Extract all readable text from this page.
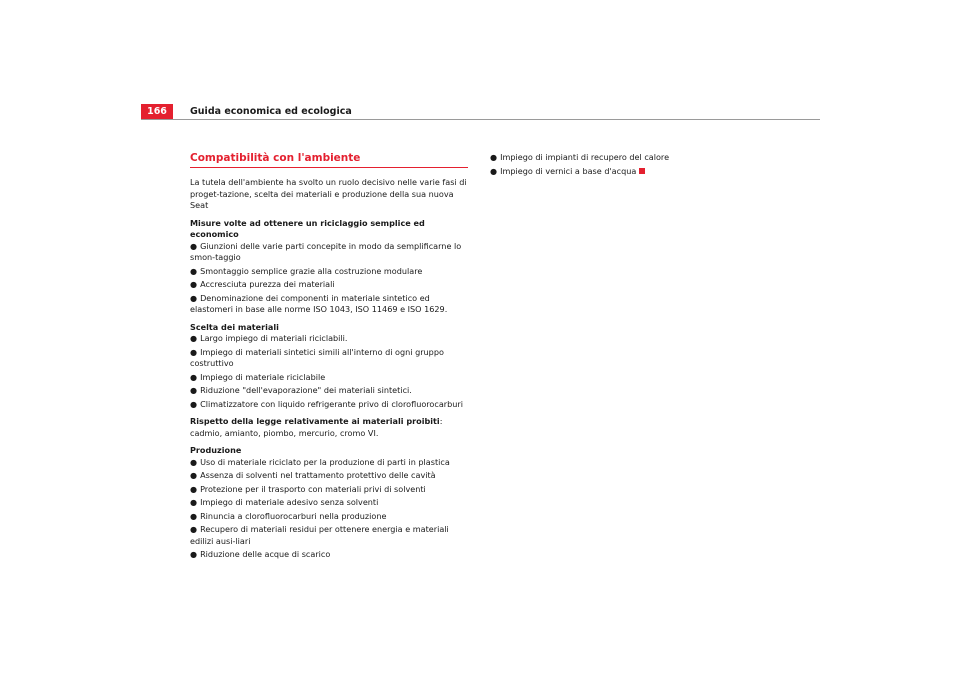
166	Guida economica ed ecologica
Compatibilità con l'ambiente

La tutela dell'ambiente ha svolto un ruolo decisivo nelle varie fasi di proget-tazione, scelta dei materiali e produzione della sua nuova Seat

Misure volte ad ottenere un riciclaggio semplice ed economico

● Giunzioni delle varie parti concepite in modo da semplificarne lo smon-taggio
● Smontaggio semplice grazie alla costruzione modulare
● Accresciuta purezza dei materiali
● Denominazione dei componenti in materiale sintetico ed elastomeri in base alle norme ISO 1043, ISO 11469 e ISO 1629.

Scelta dei materiali

● Largo impiego di materiali riciclabili.
● Impiego di materiali sintetici simili all'interno di ogni gruppo costruttivo
● Impiego di materiale riciclabile
● Riduzione "dell'evaporazione" dei materiali sintetici.
● Climatizzatore con liquido refrigerante privo di clorofluorocarburi

Rispetto della legge relativamente ai materiali proibiti: cadmio, amianto, piombo, mercurio, cromo VI.

Produzione

● Uso di materiale riciclato per la produzione di parti in plastica
● Assenza di solventi nel trattamento protettivo delle cavità
● Protezione per il trasporto con materiali privi di solventi
● Impiego di materiale adesivo senza solventi
● Rinuncia a clorofluorocarburi nella produzione
● Recupero di materiali residui per ottenere energia e materiali edilizi ausi-liari
● Riduzione delle acque di scarico
● Impiego di impianti di recupero del calore
● Impiego di vernici a base d'acqua
